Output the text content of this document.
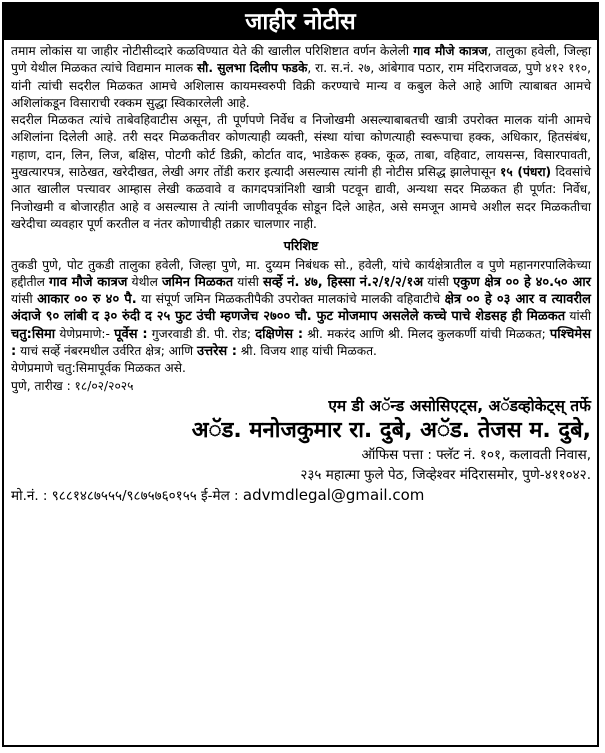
जाहीर नोटीस

तमाम लोकांस या जाहीर नोटीसीव्दारे कळविण्यात येते की खालील परिशिष्टात वर्णन केलेली गाव मौजे कात्रज, तालुका हवेली, जिल्हा पुणे येथील मिळकत त्यांचे विद्यमान मालक सौ. सुलभा दिलीप फडके, रा. स.नं. २७, आंबेगाव पठार, राम मंदिराजवळ, पुणे ४१२ ११०, यांनी त्यांची सदरील मिळकत आमचे अशिलास कायमस्वरुपी विक्री करण्याचे मान्य व कबुल केले आहे आणि त्याबाबत आमचे अशिलांकडून विसाराची रक्कम सुद्धा स्विकारलेली आहे.

सदरील मिळकत त्यांचे ताबेवहिवाटीस असून, ती पूर्णपणे निर्वेध व निजोखमी असल्याबाबतची खात्री उपरोक्त मालक यांनी आमचे अशिलांना दिलेली आहे. तरी सदर मिळकतीवर कोणत्याही व्यक्ती, संस्था यांचा कोणत्याही स्वरूपाचा हक्क, अधिकार, हितसंबंध, गहाण, दान, लिन, लिज, बक्षिस, पोटगी कोर्ट डिक्री, कोर्टात वाद, भाडेकरू हक्क, कूळ, ताबा, वहिवाट, लायसन्स, विसारपावती, मुखत्यारपत्र, साठेखत, खरेदीखत, लेखी अगर तोंडी करार इत्यादी असल्यास त्यांनी ही नोटीस प्रसिद्ध झालेपासून १५ (पंधरा) दिवसांचे आत खालील पत्त्यावर आम्हास लेखी कळवावे व कागदपत्रांनिशी खात्री पटवून द्यावी, अन्यथा सदर मिळकत ही पूर्णत: निर्वेध, निजोखमी व बोजारहीत आहे व असल्यास ते त्यांनी जाणीवपूर्वक सोडून दिले आहेत, असे समजून आमचे अशील सदर मिळकतीचा खरेदीचा व्यवहार पूर्ण करतील व नंतर कोणाचीही तक्रार चालणार नाही.

परिशिष्ट

तुकडी पुणे, पोट तुकडी तालुका हवेली, जिल्हा पुणे, मा. दुय्यम निबंधक सो., हवेली, यांचे कार्यक्षेत्रातील व पुणे महानगरपालिकेच्या हद्दीतील गाव मौजे कात्रज येथील जमिन मिळकत यांसी सर्व्हे नं. ४७, हिस्सा नं.२/१/२/१अ यांसी एकुण क्षेत्र ०० हे ४०.५० आर यांसी आकार ०० रु ४० पै. या संपूर्ण जमिन मिळकतीपैकी उपरोक्त मालकांचे मालकी वहिवाटीचे क्षेत्र ०० हे ०३ आर व त्यावरील अंदाजे ९० लांबी द ३० रुंदी द २५ फुट उंची म्हणजेच २७०० चौ. फुट मोजमाप असलेले कच्चे पाचे शेडसह ही मिळकत यांसी चतु:सिमा येणेप्रमाणे:- पूर्वेस : गुजरवाडी डी. पी. रोड; दक्षिणेस : श्री. मकरंद आणि श्री. मिलद कुलकर्णी यांची मिळकत; पश्चिमेस : याचं सर्व्हे नंबरमधील उर्वरित क्षेत्र; आणि उत्तरेस : श्री. विजय शाह यांची मिळकत.

येणेप्रमाणे चतु:सिमापूर्वक मिळकत असे.

पुणे, तारीख : १८/०२/२०२५

एम डी अॅन्ड असोसिएट्स, अॅडव्होकेट्स् तर्फे
अॅड. मनोजकुमार रा. दुबे, अॅड. तेजस म. दुबे,
ऑफिस पत्ता : फ्लॅट नं. १०१, कलावती निवास,
२३५ महात्मा फुले पेठ, जिव्हेश्वर मंदिरासमोर, पुणे-४११०४२.
मो.नं. : ९८८१४८७५५५/९८७५७६०१५५ ई-मेल : advmdlegal@gmail.com
